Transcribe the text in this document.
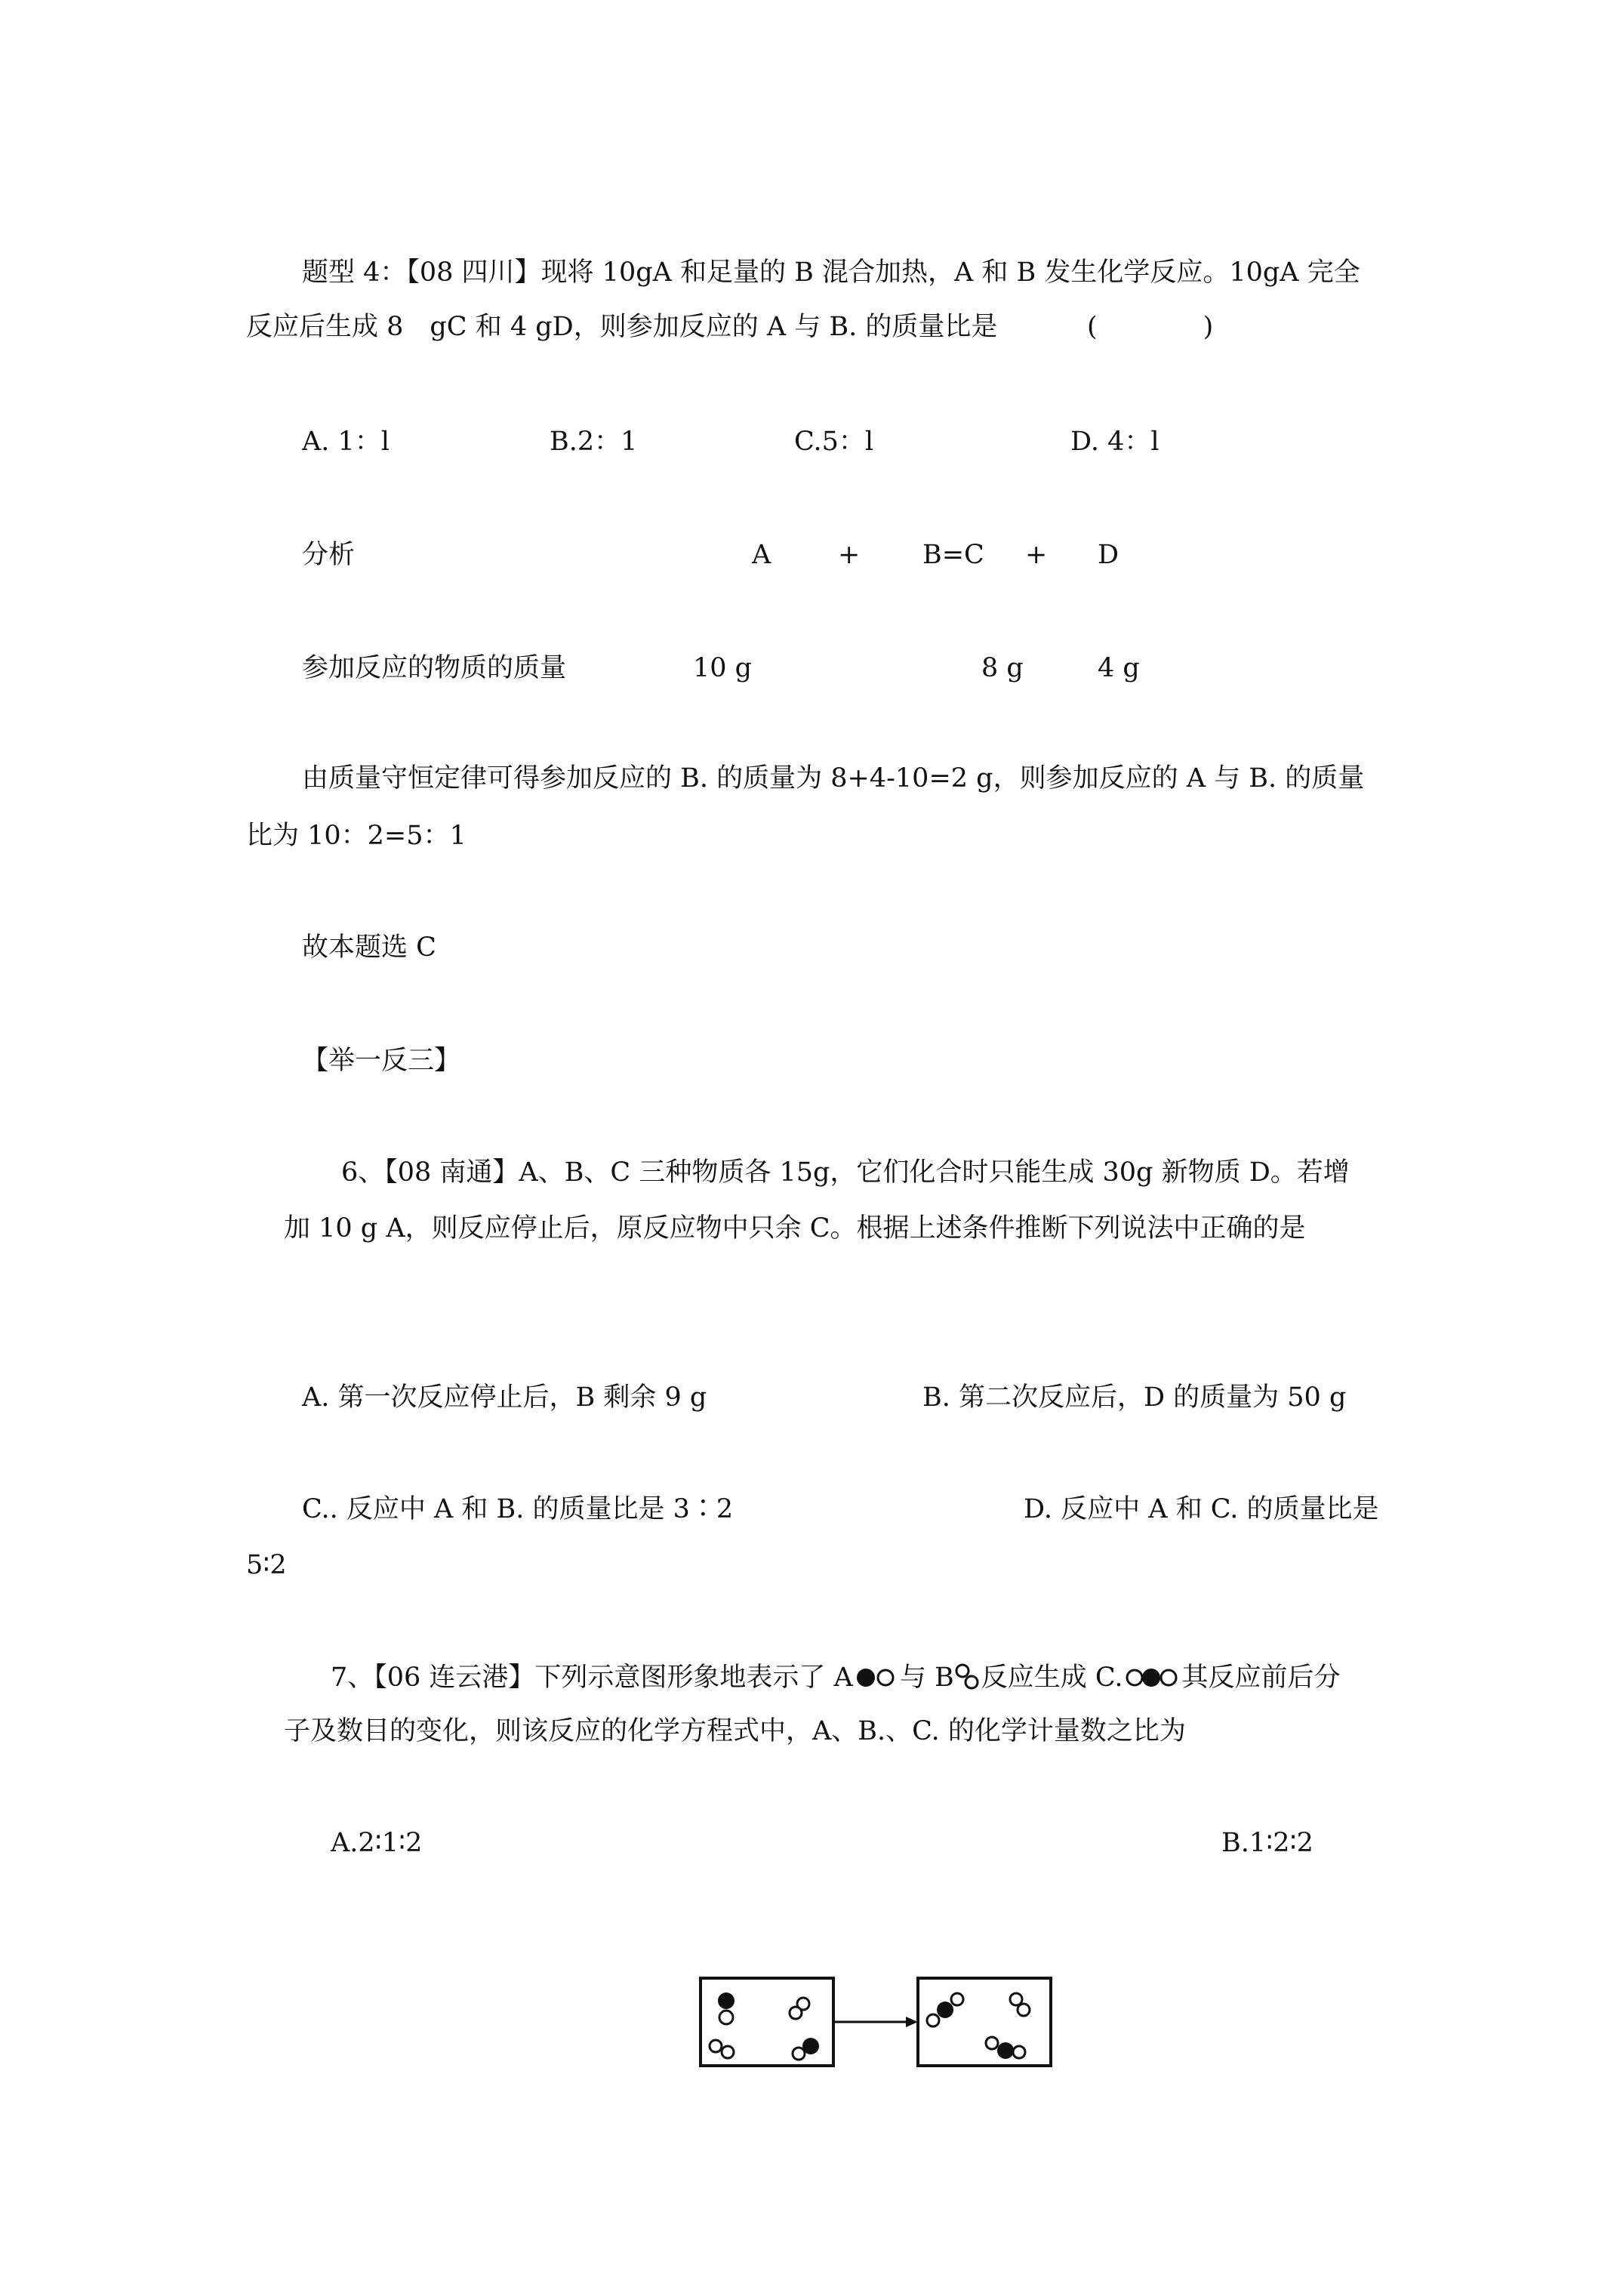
题型 4：【08 四川】现将 10gA 和足量的 B 混合加热，A 和 B 发生化学反应。10gA 完全
反应后生成 8　gC 和 4 gD，则参加反应的 A 与 B. 的质量比是	(　　　　)
A. 1：l	B.2：1	C.5：l	D. 4：l
分析	A	+ B=C + D
参加反应的物质的质量	10 g	8 g	4 g
由质量守恒定律可得参加反应的 B. 的质量为 8+4-10=2 g，则参加反应的 A 与 B. 的质量
比为 10：2=5：1
故本题选 C
【举一反三】
6、【08 南通】A、B、C 三种物质各 15g，它们化合时只能生成 30g 新物质 D。若增
加 10 g A，则反应停止后，原反应物中只余 C。根据上述条件推断下列说法中正确的是
A. 第一次反应停止后，B 剩余 9 g	B. 第二次反应后，D 的质量为 50 g
C.. 反应中 A 和 B. 的质量比是 3∶2	D. 反应中 A 和 C. 的质量比是
5∶2
7、【06 连云港】下列示意图形象地表示了 A 与 B 反应生成 C. 其反应前后分
子及数目的变化，则该反应的化学方程式中，A、B.、C. 的化学计量数之比为
A.2∶1∶2	B.1∶2∶2
